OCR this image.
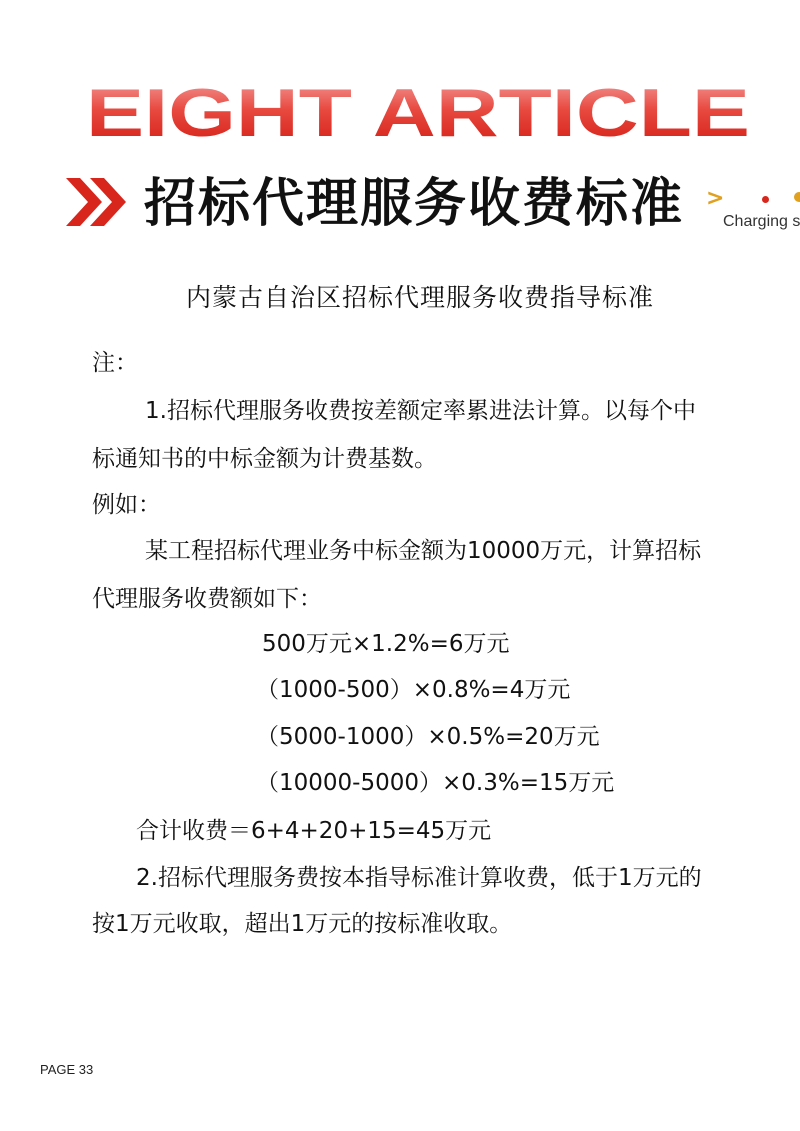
EIGHT ARTICLE
招标代理服务收费标准 >
Charging s
内蒙古自治区招标代理服务收费指导标准
注：
1.招标代理服务收费按差额定率累进法计算。以每个中
标通知书的中标金额为计费基数。
例如：
某工程招标代理业务中标金额为10000万元，计算招标
代理服务收费额如下：
500万元×1.2%=6万元
（1000-500）×0.8%=4万元
（5000-1000）×0.5%=20万元
（10000-5000）×0.3%=15万元
合计收费＝6+4+20+15=45万元
2.招标代理服务费按本指导标准计算收费，低于1万元的
按1万元收取，超出1万元的按标准收取。
PAGE 33
